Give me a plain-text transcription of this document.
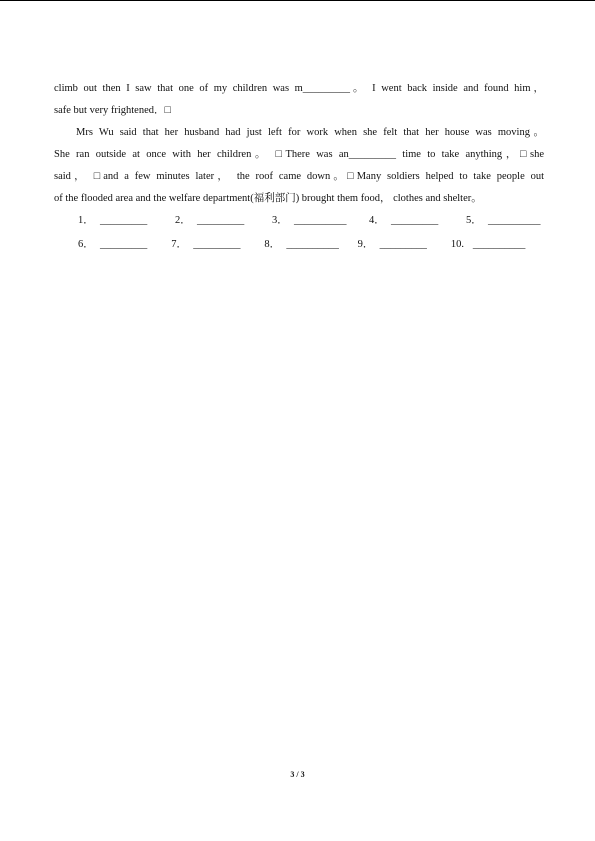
climb out then I saw that one of my children was m_________。 I went back inside and found him，
safe but very frightened．□
Mrs Wu said that her husband had just left for work when she felt that her house was moving。
She ran outside at once with her children。 □There was an_________ time to take anything，□she
said， □and a few minutes later， the roof came down。□Many soldiers helped to take people out
of the flooded area and the welfare department(福利部门) brought them food， clothes and shelter。
1． _________	2． _________	3． __________ 4． _________	5． __________
6． _________ 7． _________ 8． __________ 9． _________ 10. __________
3 / 3
